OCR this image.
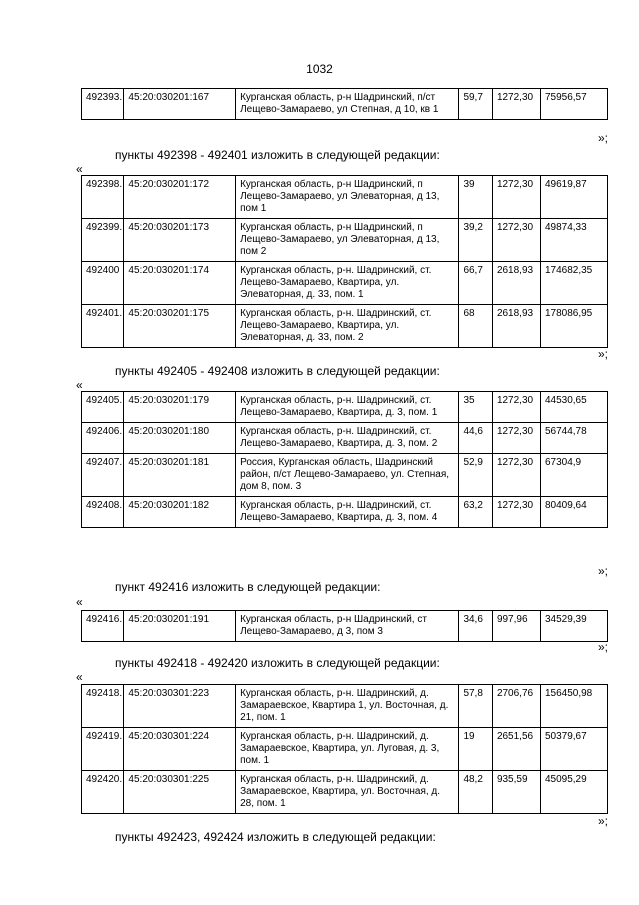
1032
492393.	45:20:030201:167	Курганская область, р-н Шадринский, п/ст Лещево-Замараево, ул Степная, д 10, кв 1	59,7	1272,30	75956,57
»;
пункты 492398 - 492401 изложить в следующей редакции:
«
492398.	45:20:030201:172	Курганская область, р-н Шадринский, п Лещево-Замараево, ул Элеваторная, д 13, пом 1	39	1272,30	49619,87
492399.	45:20:030201:173	Курганская область, р-н Шадринский, п Лещево-Замараево, ул Элеваторная, д 13, пом 2	39,2	1272,30	49874,33
492400	45:20:030201:174	Курганская область, р-н. Шадринский, ст. Лещево-Замараево, Квартира, ул. Элеваторная, д. 33, пом. 1	66,7	2618,93	174682,35
492401.	45:20:030201:175	Курганская область, р-н. Шадринский, ст. Лещево-Замараево, Квартира, ул. Элеваторная, д. 33, пом. 2	68	2618,93	178086,95
»;
пункты 492405 - 492408 изложить в следующей редакции:
«
492405.	45:20:030201:179	Курганская область, р-н. Шадринский, ст. Лещево-Замараево, Квартира, д. 3, пом. 1	35	1272,30	44530,65
492406.	45:20:030201:180	Курганская область, р-н. Шадринский, ст. Лещево-Замараево, Квартира, д. 3, пом. 2	44,6	1272,30	56744,78
492407.	45:20:030201:181	Россия, Курганская область, Шадринский район, п/ст Лещево-Замараево, ул. Степная, дом 8, пом. 3	52,9	1272,30	67304,9
492408.	45:20:030201:182	Курганская область, р-н. Шадринский, ст. Лещево-Замараево, Квартира, д. 3, пом. 4	63,2	1272,30	80409,64
»;
пункт 492416 изложить в следующей редакции:
«
492416.	45:20:030201:191	Курганская область, р-н Шадринский, ст Лещево-Замараево, д 3, пом 3	34,6	997,96	34529,39
»;
пункты 492418 - 492420 изложить в следующей редакции:
«
492418.	45:20:030301:223	Курганская область, р-н. Шадринский, д. Замараевское, Квартира 1, ул. Восточная, д. 21, пом. 1	57,8	2706,76	156450,98
492419.	45:20:030301:224	Курганская область, р-н. Шадринский, д. Замараевское, Квартира, ул. Луговая, д. 3, пом. 1	19	2651,56	50379,67
492420.	45:20:030301:225	Курганская область, р-н. Шадринский, д. Замараевское, Квартира, ул. Восточная, д. 28, пом. 1	48,2	935,59	45095,29
»;
пункты 492423, 492424 изложить в следующей редакции:
